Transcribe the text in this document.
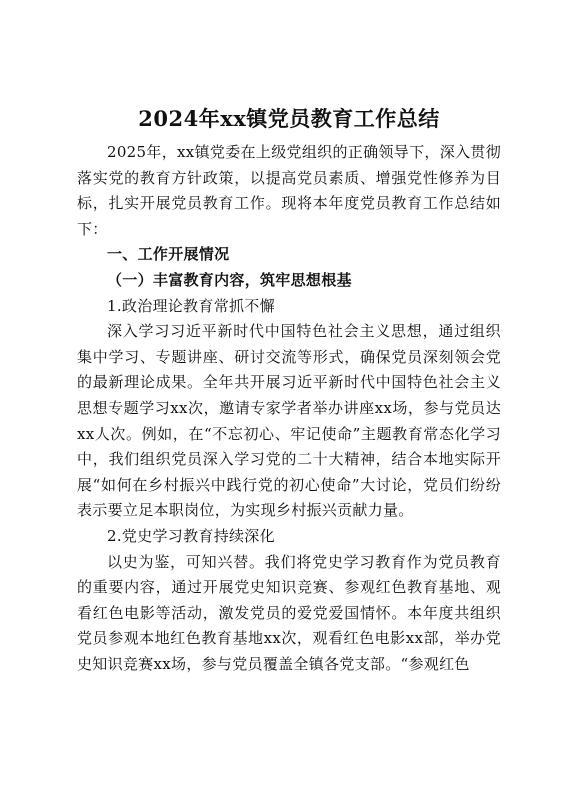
2024年xx镇党员教育工作总结

2025年，xx镇党委在上级党组织的正确领导下，深入贯彻落实党的教育方针政策，以提高党员素质、增强党性修养为目标，扎实开展党员教育工作。现将本年度党员教育工作总结如下：

一、工作开展情况

（一）丰富教育内容，筑牢思想根基

1.政治理论教育常抓不懈

深入学习习近平新时代中国特色社会主义思想，通过组织集中学习、专题讲座、研讨交流等形式，确保党员深刻领会党的最新理论成果。全年共开展习近平新时代中国特色社会主义思想专题学习xx次，邀请专家学者举办讲座xx场，参与党员达xx人次。例如，在“不忘初心、牢记使命”主题教育常态化学习中，我们组织党员深入学习党的二十大精神，结合本地实际开展“如何在乡村振兴中践行党的初心使命”大讨论，党员们纷纷表示要立足本职岗位，为实现乡村振兴贡献力量。

2.党史学习教育持续深化

以史为鉴，可知兴替。我们将党史学习教育作为党员教育的重要内容，通过开展党史知识竞赛、参观红色教育基地、观看红色电影等活动，激发党员的爱党爱国情怀。本年度共组织党员参观本地红色教育基地xx次，观看红色电影xx部，举办党史知识竞赛xx场，参与党员覆盖全镇各党支部。“参观红色
